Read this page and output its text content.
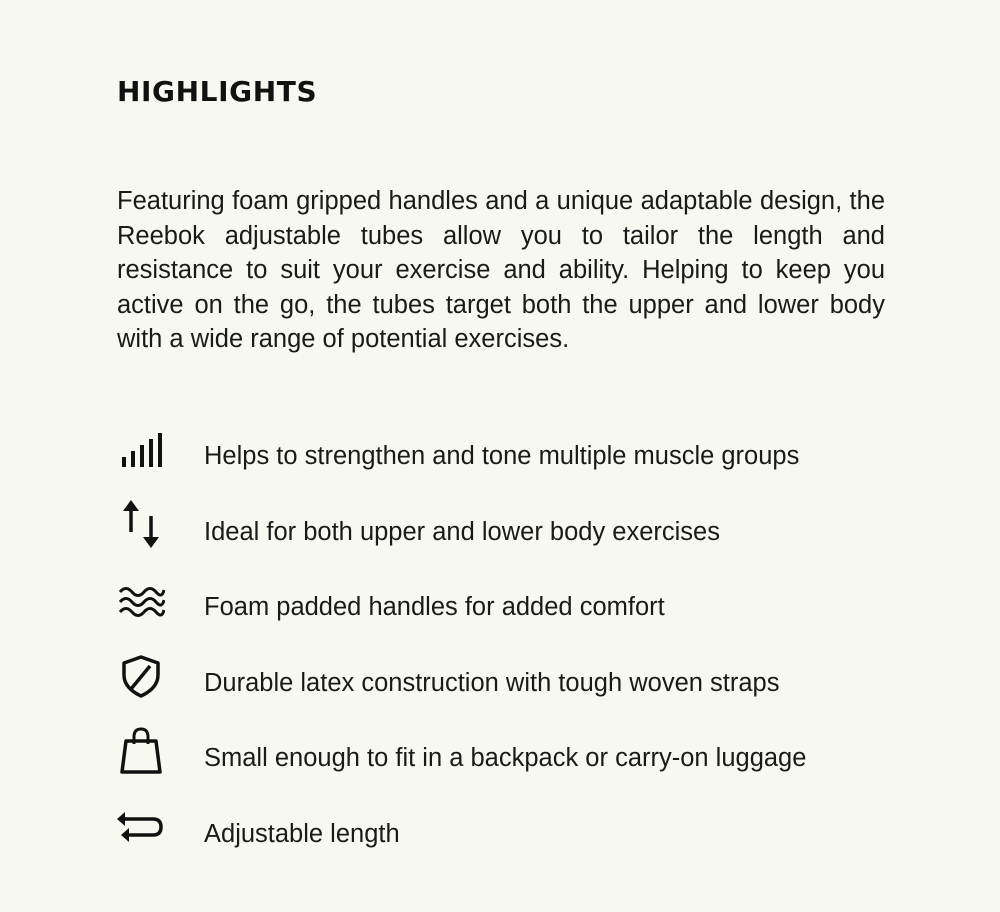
HIGHLIGHTS

Featuring foam gripped handles and a unique adaptable design, the Reebok adjustable tubes allow you to tailor the length and resistance to suit your exercise and ability. Helping to keep you active on the go, the tubes target both the upper and lower body with a wide range of potential exercises.

Helps to strengthen and tone multiple muscle groups
Ideal for both upper and lower body exercises
Foam padded handles for added comfort
Durable latex construction with tough woven straps
Small enough to fit in a backpack or carry-on luggage
Adjustable length
